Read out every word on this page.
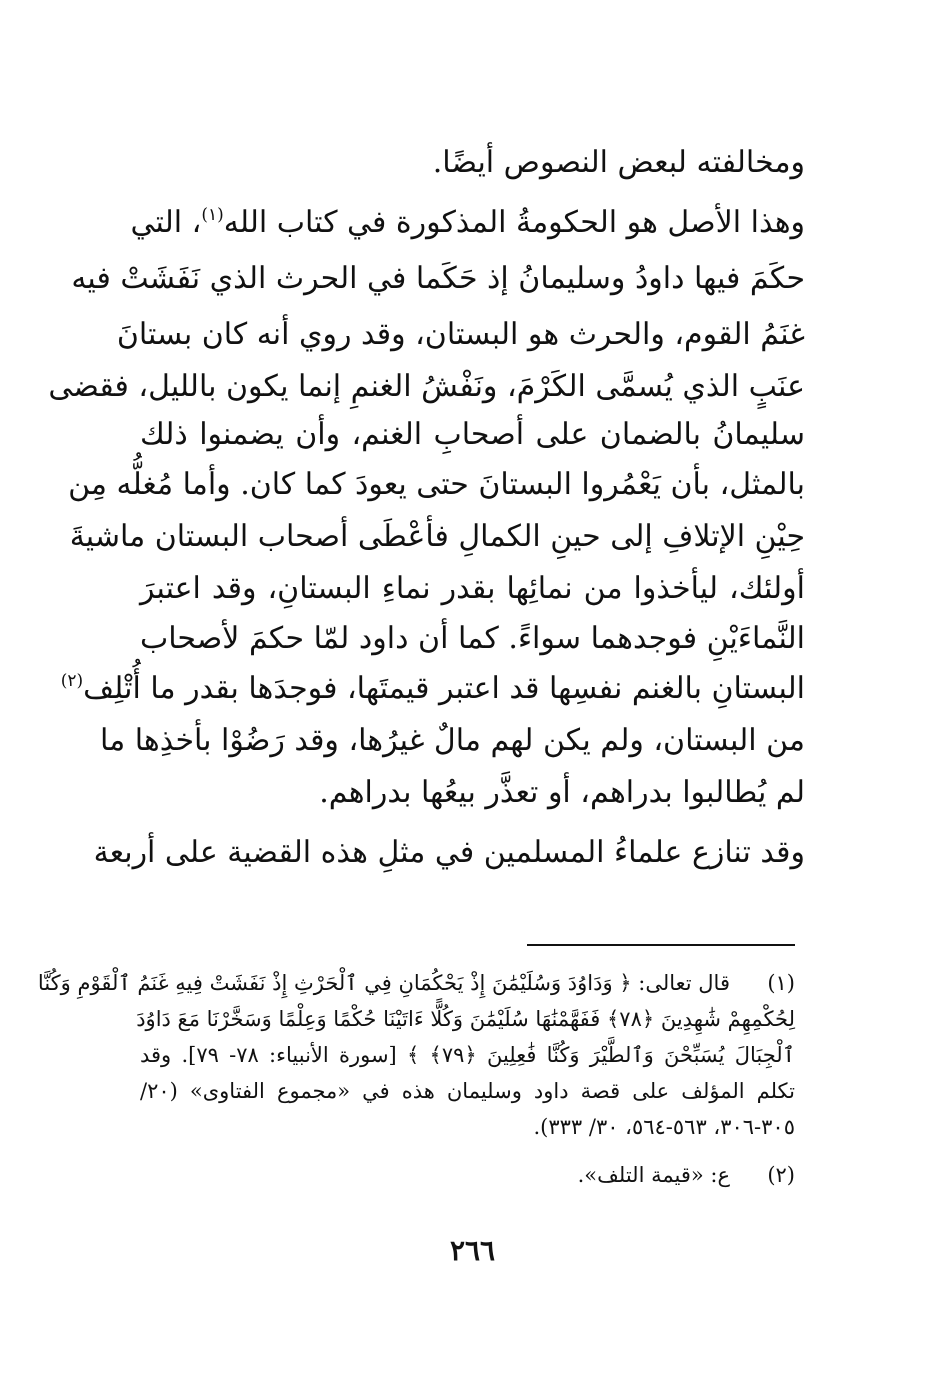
ومخالفته لبعض النصوص أيضًا.
وهذا الأصل هو الحكومةُ المذكورة في كتاب الله$^{(١)}$، التي
حكَمَ فيها داودُ وسليمانُ إذ حَكَما في الحرث الذي نَفَشَتْ فيه
غنَمُ القوم، والحرث هو البستان، وقد روي أنه كان بستانَ
عنَبٍ الذي يُسمَّى الكَرْمَ، ونَفْشُ الغنمِ إنما يكون بالليل، فقضى
سليمانُ بالضمان على أصحابِ الغنم، وأن يضمنوا ذلك
بالمثل، بأن يَعْمُروا البستانَ حتى يعودَ كما كان. وأما مُغلُّه مِن
حِيْنِ الإتلافِ إلى حينِ الكمالِ فأعْطَى أصحاب البستان ماشيةَ
أولئك، ليأخذوا من نمائِها بقدر نماءِ البستانِ، وقد اعتبرَ
النَّماءَيْنِ فوجدهما سواءً. كما أن داود لمّا حكمَ لأصحاب
البستانِ بالغنم نفسِها قد اعتبر قيمتَها، فوجدَها بقدر ما أُتْلِف$^{(٢)}$
من البستان، ولم يكن لهم مالٌ غيرُها، وقد رَضُوْا بأخذِها ما
لم يُطالبوا بدراهم، أو تعذَّر بيعُها بدراهم.
وقد تنازع علماءُ المسلمين في مثلِ هذه القضية على أربعة
(١)
قال تعالى: ﴿ وَدَاوُدَ وَسُلَيْمَٰنَ إِذْ يَحْكُمَانِ فِي ٱلْحَرْثِ إِذْ نَفَشَتْ فِيهِ غَنَمُ ٱلْقَوْمِ وَكُنَّا
لِحُكْمِهِمْ شَٰهِدِينَ ﴿٧٨﴾ فَفَهَّمْنَٰهَا سُلَيْمَٰنَ وَكُلًّا ءَاتَيْنَا حُكْمًا وَعِلْمًا وَسَخَّرْنَا مَعَ دَاوُدَ
ٱلْجِبَالَ يُسَبِّحْنَ وَٱلطَّيْرَ وَكُنَّا فَٰعِلِينَ ﴿٧٩﴾ ﴾ [سورة الأنبياء: ٧٨- ٧٩]. وقد
تكلم المؤلف على قصة داود وسليمان هذه في «مجموع الفتاوى» (٢٠/
٣٠٥-٣٠٦، ٥٦٣-٥٦٤، ٣٠/ ٣٣٣).
(٢)
ع: «قيمة التلف».
٢٦٦
